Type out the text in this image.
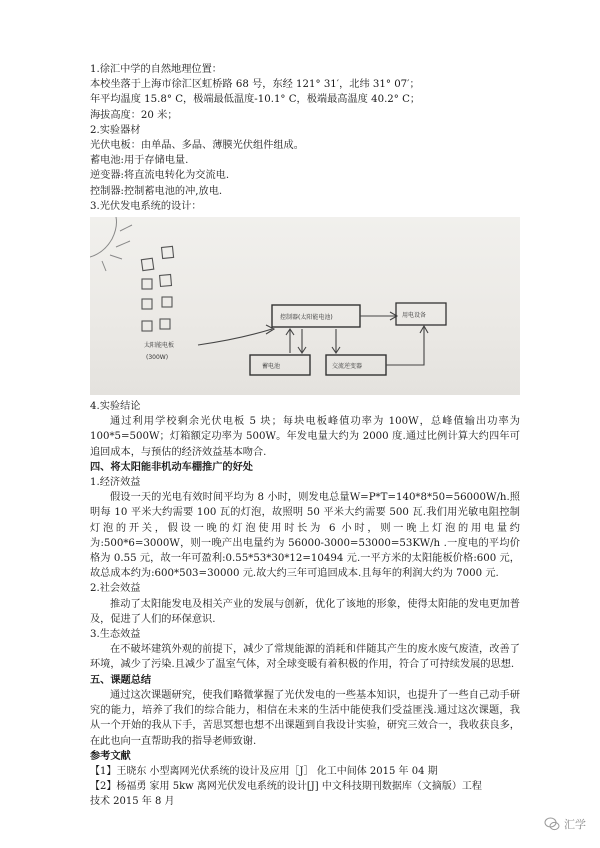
1.徐汇中学的自然地理位置：
本校坐落于上海市徐汇区虹桥路 68 号，东经 121° 31′，北纬 31° 07′；
年平均温度 15.8° C，极端最低温度-10.1° C，极端最高温度 40.2° C；
海拔高度：20 米；
2.实验器材
光伏电板：由单晶、多晶、薄膜光伏组件组成。
蓄电池:用于存储电量.
逆变器:将直流电转化为交流电.
控制器:控制蓄电池的冲,放电.
3.光伏发电系统的设计：
太阳能电板
(300W)
控制器(太阳能电池)	用电设备
蓄电池	交流逆变器
4.实验结论
通过利用学校剩余光伏电板 5 块；每块电板峰值功率为 100W，总峰值输出功率为 100*5=500W；灯箱额定功率为 500W。年发电量大约为 2000 度.通过比例计算大约四年可追回成本，与预估的经济效益基本吻合.
四、将太阳能非机动车棚推广的好处
1.经济效益
假设一天的光电有效时间平均为 8 小时，则发电总量W=P*T=140*8*50=56000W/h.照明每 10 平米大约需要 100 瓦的灯泡，故照明 50 平米大约需要 500 瓦.我们用光敏电阻控制灯泡的开关，假设一晚的灯泡使用时长为 6 小时，则一晚上灯泡的用电量约为:500*6=3000W，则一晚产出电量约为 56000-3000=53000=53KW/h .一度电的平均价格为 0.55 元，故一年可盈利:0.55*53*30*12=10494 元.一平方米的太阳能板价格:600 元，故总成本约为:600*503=30000 元.故大约三年可追回成本.且每年的利润大约为 7000 元.
2.社会效益
推动了太阳能发电及相关产业的发展与创新，优化了该地的形象，使得太阳能的发电更加普及，促进了人们的环保意识.
3.生态效益
在不破坏建筑外观的前提下，减少了常规能源的消耗和伴随其产生的废水废气废渣，改善了环境，减少了污染.且减少了温室气体，对全球变暖有着积极的作用，符合了可持续发展的思想.
五、课题总结
通过这次课题研究，使我们略微掌握了光伏发电的一些基本知识，也提升了一些自己动手研究的能力，培养了我们的综合能力，相信在未来的生活中能使我们受益匪浅.通过这次课题，我从一个开始的我从下手，苦思冥想也想不出课题到自我设计实验，研究三效合一，我收获良多，在此也向一直帮助我的指导老师致谢.
参考文献
【1】王晓东 小型离网光伏系统的设计及应用［J］ 化工中间体 2015 年 04 期
【2】杨福勇 家用 5kw 离网光伏发电系统的设计[J] 中文科技期刊数据库（文摘版）工程
技术 2015 年 8 月
汇学
